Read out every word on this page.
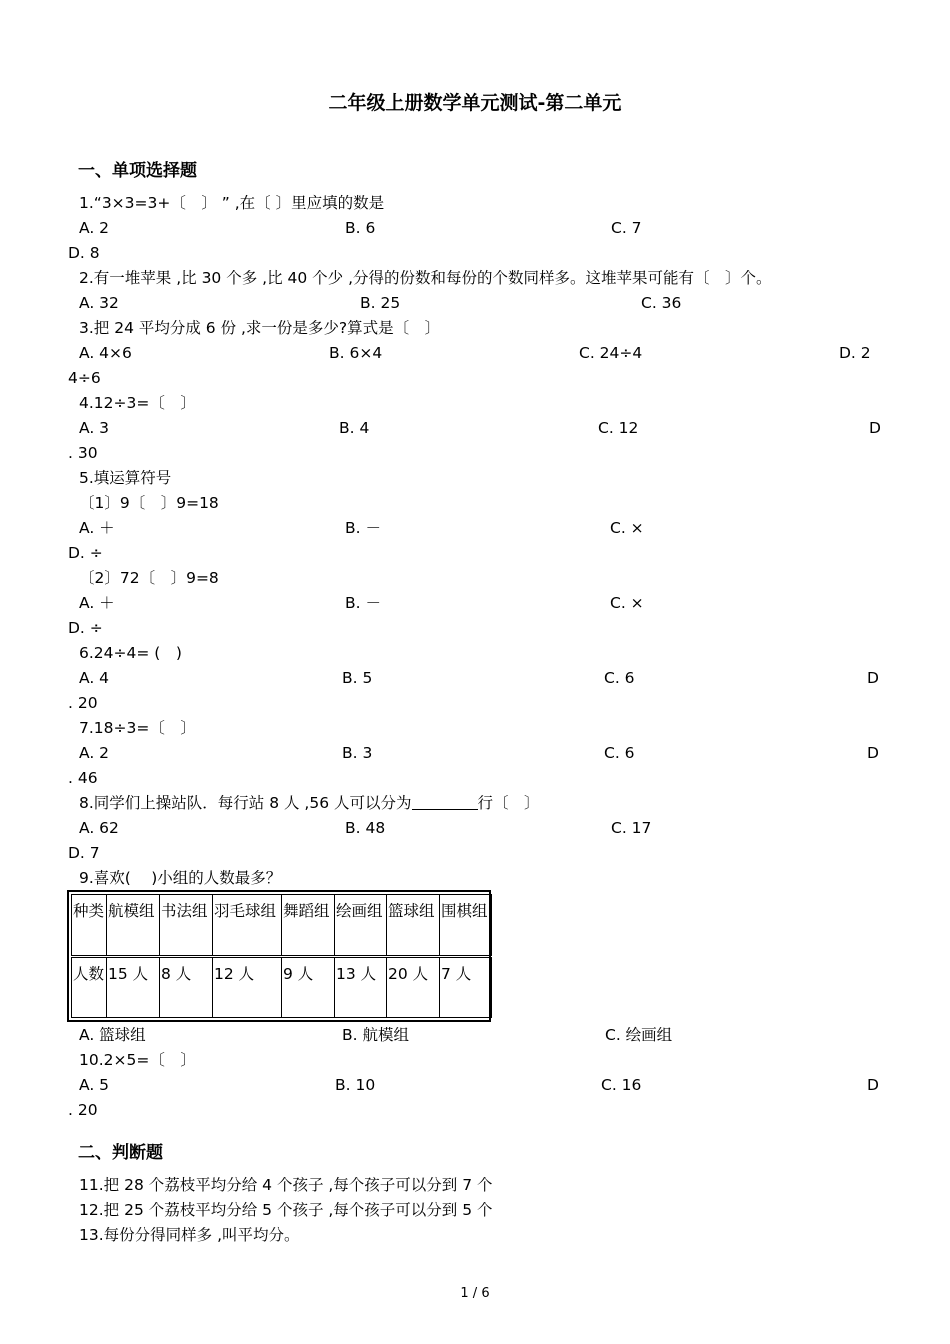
二年级上册数学单元测试-第二单元
一、单项选择题
1.“3×3=3+〔　〕 ” ,在〔 〕里应填的数是
A. 2	B. 6	C. 7
D. 8
2.有一堆苹果 ,比 30 个多 ,比 40 个少 ,分得的份数和每份的个数同样多。这堆苹果可能有〔　〕个。
A. 32	B. 25	C. 36
3.把 24 平均分成 6 份 ,求一份是多少?算式是〔　〕
A. 4×6	B. 6×4	C. 24÷4	D. 2
4÷6
4.12÷3=〔　〕
A. 3	B. 4	C. 12	D
. 30
5.填运算符号
〔1〕9〔　〕9=18
A. ＋	B. －	C. ×
D. ÷
〔2〕72〔　〕9=8
A. ＋	B. －	C. ×
D. ÷
6.24÷4= (　)
A. 4	B. 5	C. 6	D
. 20
7.18÷3=〔　〕
A. 2	B. 3	C. 6	D
. 46
8.同学们上操站队．每行站 8 人 ,56 人可以分为	行〔　〕
A. 62	B. 48	C. 17
D. 7
9.喜欢(　 )小组的人数最多？
种类	航模组	书法组	羽毛球组	舞蹈组	绘画组	篮球组	围棋组
人数	15 人	8 人	12 人	9 人	13 人	20 人	7 人
A. 篮球组	B. 航模组	C. 绘画组
10.2×5=〔　〕
A. 5	B. 10	C. 16	D
. 20
二、判断题
11.把 28 个荔枝平均分给 4 个孩子 ,每个孩子可以分到 7 个
12.把 25 个荔枝平均分给 5 个孩子 ,每个孩子可以分到 5 个
13.每份分得同样多 ,叫平均分。
1 / 6
